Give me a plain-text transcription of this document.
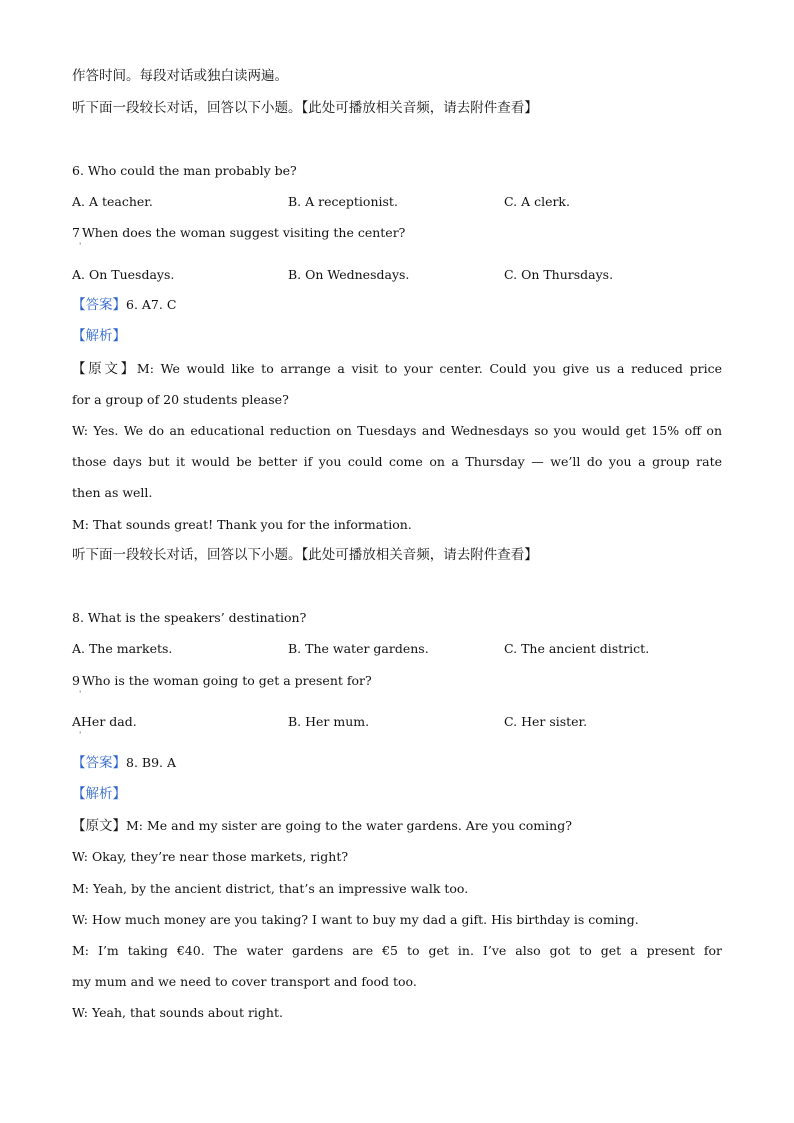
作答时间。每段对话或独白读两遍。
听下面一段较长对话，回答以下小题。【此处可播放相关音频，请去附件查看】
6. Who could the man probably be?
A. A teacher.	B. A receptionist.	C. A clerk.
7 When does the woman suggest visiting the center?
ˈ
A. On Tuesdays.	B. On Wednesdays.	C. On Thursdays.
【答案】6. A7. C
【解析】
【原文】M: We would like to arrange a visit to your center. Could you give us a reduced price
for a group of 20 students please?
W: Yes. We do an educational reduction on Tuesdays and Wednesdays so you would get 15% off on
those days but it would be better if you could come on a Thursday — we’ll do you a group rate
then as well.
M: That sounds great! Thank you for the information.
听下面一段较长对话，回答以下小题。【此处可播放相关音频，请去附件查看】
8. What is the speakers’ destination?
A. The markets.	B. The water gardens.	C. The ancient district.
9 Who is the woman going to get a present for?
ˈ
AHer dad.	B. Her mum.	C. Her sister.
ˈ
【答案】8. B9. A
【解析】
【原文】M: Me and my sister are going to the water gardens. Are you coming?
W: Okay, they’re near those markets, right?
M: Yeah, by the ancient district, that’s an impressive walk too.
W: How much money are you taking? I want to buy my dad a gift. His birthday is coming.
M: I’m taking €40. The water gardens are €5 to get in. I’ve also got to get a present for
my mum and we need to cover transport and food too.
W: Yeah, that sounds about right.
